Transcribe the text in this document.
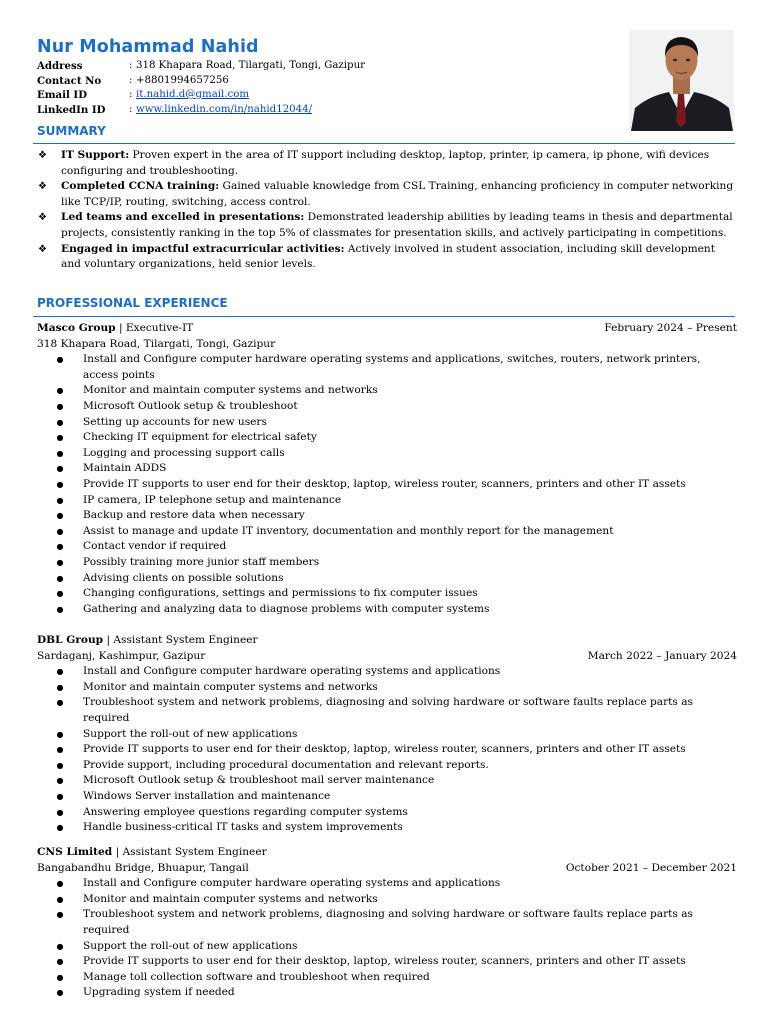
Nur Mohammad Nahid
Address	: 318 Khapara Road, Tilargati, Tongi, Gazipur
Contact No	: +8801994657256
Email ID	: it.nahid.d@gmail.com
LinkedIn ID	: www.linkedin.com/in/nahid12044/
SUMMARY
❖	IT Support: Proven expert in the area of IT support including desktop, laptop, printer, ip camera, ip phone, wifi devices configuring and troubleshooting.
❖	Completed CCNA training: Gained valuable knowledge from CSL Training, enhancing proficiency in computer networking like TCP/IP, routing, switching, access control.
❖	Led teams and excelled in presentations: Demonstrated leadership abilities by leading teams in thesis and departmental projects, consistently ranking in the top 5% of classmates for presentation skills, and actively participating in competitions.
❖	Engaged in impactful extracurricular activities: Actively involved in student association, including skill development and voluntary organizations, held senior levels.
PROFESSIONAL EXPERIENCE
Masco Group | Executive-IT	February 2024 – Present
318 Khapara Road, Tilargati, Tongi, Gazipur
●	Install and Configure computer hardware operating systems and applications, switches, routers, network printers, access points
●	Monitor and maintain computer systems and networks
●	Microsoft Outlook setup & troubleshoot
●	Setting up accounts for new users
●	Checking IT equipment for electrical safety
●	Logging and processing support calls
●	Maintain ADDS
●	Provide IT supports to user end for their desktop, laptop, wireless router, scanners, printers and other IT assets
●	IP camera, IP telephone setup and maintenance
●	Backup and restore data when necessary
●	Assist to manage and update IT inventory, documentation and monthly report for the management
●	Contact vendor if required
●	Possibly training more junior staff members
●	Advising clients on possible solutions
●	Changing configurations, settings and permissions to fix computer issues
●	Gathering and analyzing data to diagnose problems with computer systems
DBL Group | Assistant System Engineer
Sardaganj, Kashimpur, Gazipur	March 2022 – January 2024
●	Install and Configure computer hardware operating systems and applications
●	Monitor and maintain computer systems and networks
●	Troubleshoot system and network problems, diagnosing and solving hardware or software faults replace parts as required
●	Support the roll-out of new applications
●	Provide IT supports to user end for their desktop, laptop, wireless router, scanners, printers and other IT assets
●	Provide support, including procedural documentation and relevant reports.
●	Microsoft Outlook setup & troubleshoot mail server maintenance
●	Windows Server installation and maintenance
●	Answering employee questions regarding computer systems
●	Handle business-critical IT tasks and system improvements
CNS Limited | Assistant System Engineer
Bangabandhu Bridge, Bhuapur, Tangail	October 2021 – December 2021
●	Install and Configure computer hardware operating systems and applications
●	Monitor and maintain computer systems and networks
●	Troubleshoot system and network problems, diagnosing and solving hardware or software faults replace parts as required
●	Support the roll-out of new applications
●	Provide IT supports to user end for their desktop, laptop, wireless router, scanners, printers and other IT assets
●	Manage toll collection software and troubleshoot when required
●	Upgrading system if needed
